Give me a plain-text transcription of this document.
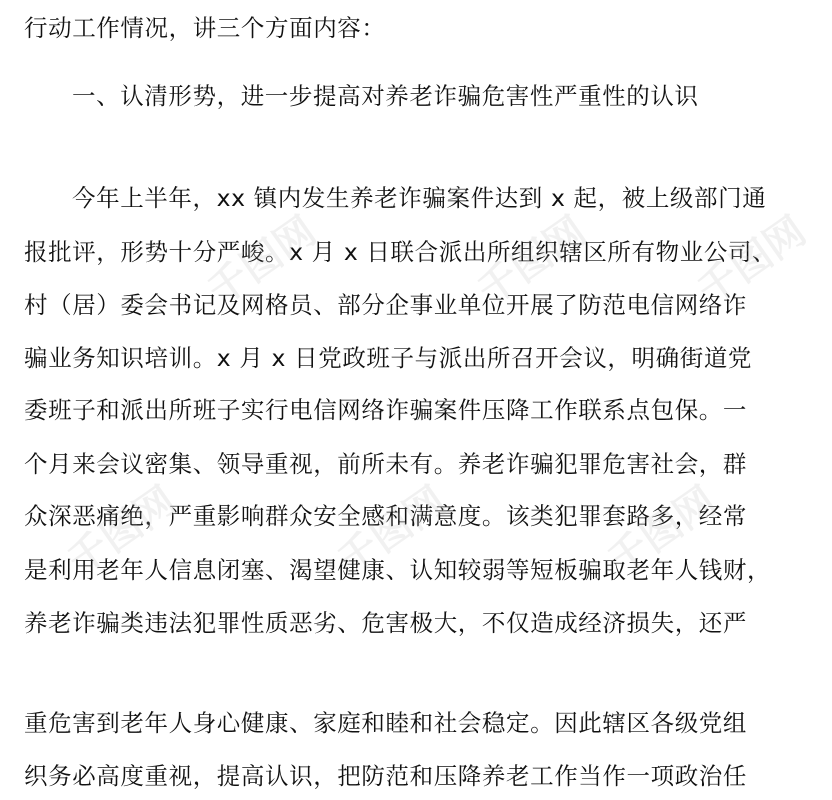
行动工作情况，讲三个方面内容：
一、认清形势，进一步提高对养老诈骗危害性严重性的认识
今年上半年，xx 镇内发生养老诈骗案件达到 x 起，被上级部门通
报批评，形势十分严峻。x 月 x 日联合派出所组织辖区所有物业公司、
村（居）委会书记及网格员、部分企事业单位开展了防范电信网络诈
骗业务知识培训。x 月 x 日党政班子与派出所召开会议，明确街道党
委班子和派出所班子实行电信网络诈骗案件压降工作联系点包保。一
个月来会议密集、领导重视，前所未有。养老诈骗犯罪危害社会，群
众深恶痛绝，严重影响群众安全感和满意度。该类犯罪套路多，经常
是利用老年人信息闭塞、渴望健康、认知较弱等短板骗取老年人钱财，
养老诈骗类违法犯罪性质恶劣、危害极大，不仅造成经济损失，还严
重危害到老年人身心健康、家庭和睦和社会稳定。因此辖区各级党组
织务必高度重视，提高认识，把防范和压降养老工作当作一项政治任
千图网	千图网	千图网
千图网	千图网 千图网
